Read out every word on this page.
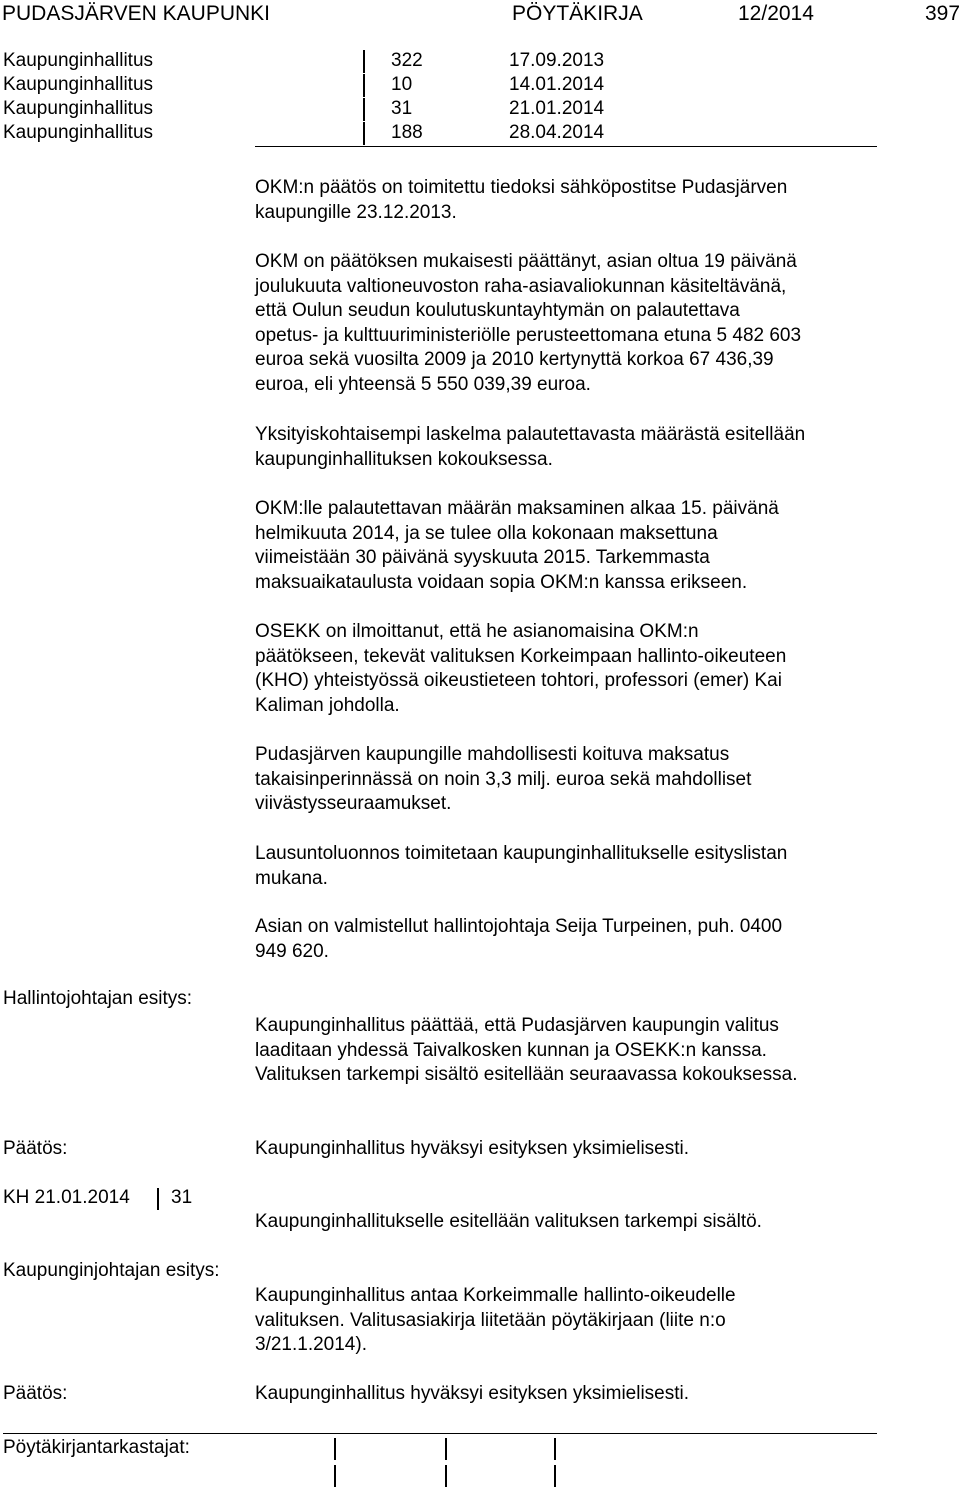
PUDASJÄRVEN KAUPUNKI	PÖYTÄKIRJA	12/2014	397
Kaupunginhallitus	322	17.09.2013
Kaupunginhallitus	10	14.01.2014
Kaupunginhallitus	31	21.01.2014
Kaupunginhallitus	188	28.04.2014
OKM:n päätös on toimitettu tiedoksi sähköpostitse Pudasjärven
kaupungille 23.12.2013.
OKM on päätöksen mukaisesti päättänyt, asian oltua 19 päivänä
joulukuuta valtioneuvoston raha-asiavaliokunnan käsiteltävänä,
että Oulun seudun koulutuskuntayhtymän on palautettava
opetus- ja kulttuuriministeriölle perusteettomana etuna 5 482 603
euroa sekä vuosilta 2009 ja 2010 kertynyttä korkoa 67 436,39
euroa, eli yhteensä 5 550 039,39 euroa.
Yksityiskohtaisempi laskelma palautettavasta määrästä esitellään
kaupunginhallituksen kokouksessa.
OKM:lle palautettavan määrän maksaminen alkaa 15. päivänä
helmikuuta 2014, ja se tulee olla kokonaan maksettuna
viimeistään 30 päivänä syyskuuta 2015. Tarkemmasta
maksuaikataulusta voidaan sopia OKM:n kanssa erikseen.
OSEKK on ilmoittanut, että he asianomaisina OKM:n
päätökseen, tekevät valituksen Korkeimpaan hallinto-oikeuteen
(KHO) yhteistyössä oikeustieteen tohtori, professori (emer) Kai
Kaliman johdolla.
Pudasjärven kaupungille mahdollisesti koituva maksatus
takaisinperinnässä on noin 3,3 milj. euroa sekä mahdolliset
viivästysseuraamukset.
Lausuntoluonnos toimitetaan kaupunginhallitukselle esityslistan
mukana.
Asian on valmistellut hallintojohtaja Seija Turpeinen, puh. 0400
949 620.
Hallintojohtajan esitys:
Kaupunginhallitus päättää, että Pudasjärven kaupungin valitus
laaditaan yhdessä Taivalkosken kunnan ja OSEKK:n kanssa.
Valituksen tarkempi sisältö esitellään seuraavassa kokouksessa.
Päätös:	Kaupunginhallitus hyväksyi esityksen yksimielisesti.
KH 21.01.2014 31
Kaupunginhallitukselle esitellään valituksen tarkempi sisältö.
Kaupunginjohtajan esitys:
Kaupunginhallitus antaa Korkeimmalle hallinto-oikeudelle
valituksen. Valitusasiakirja liitetään pöytäkirjaan (liite n:o
3/21.1.2014).
Päätös:	Kaupunginhallitus hyväksyi esityksen yksimielisesti.
Pöytäkirjantarkastajat:
